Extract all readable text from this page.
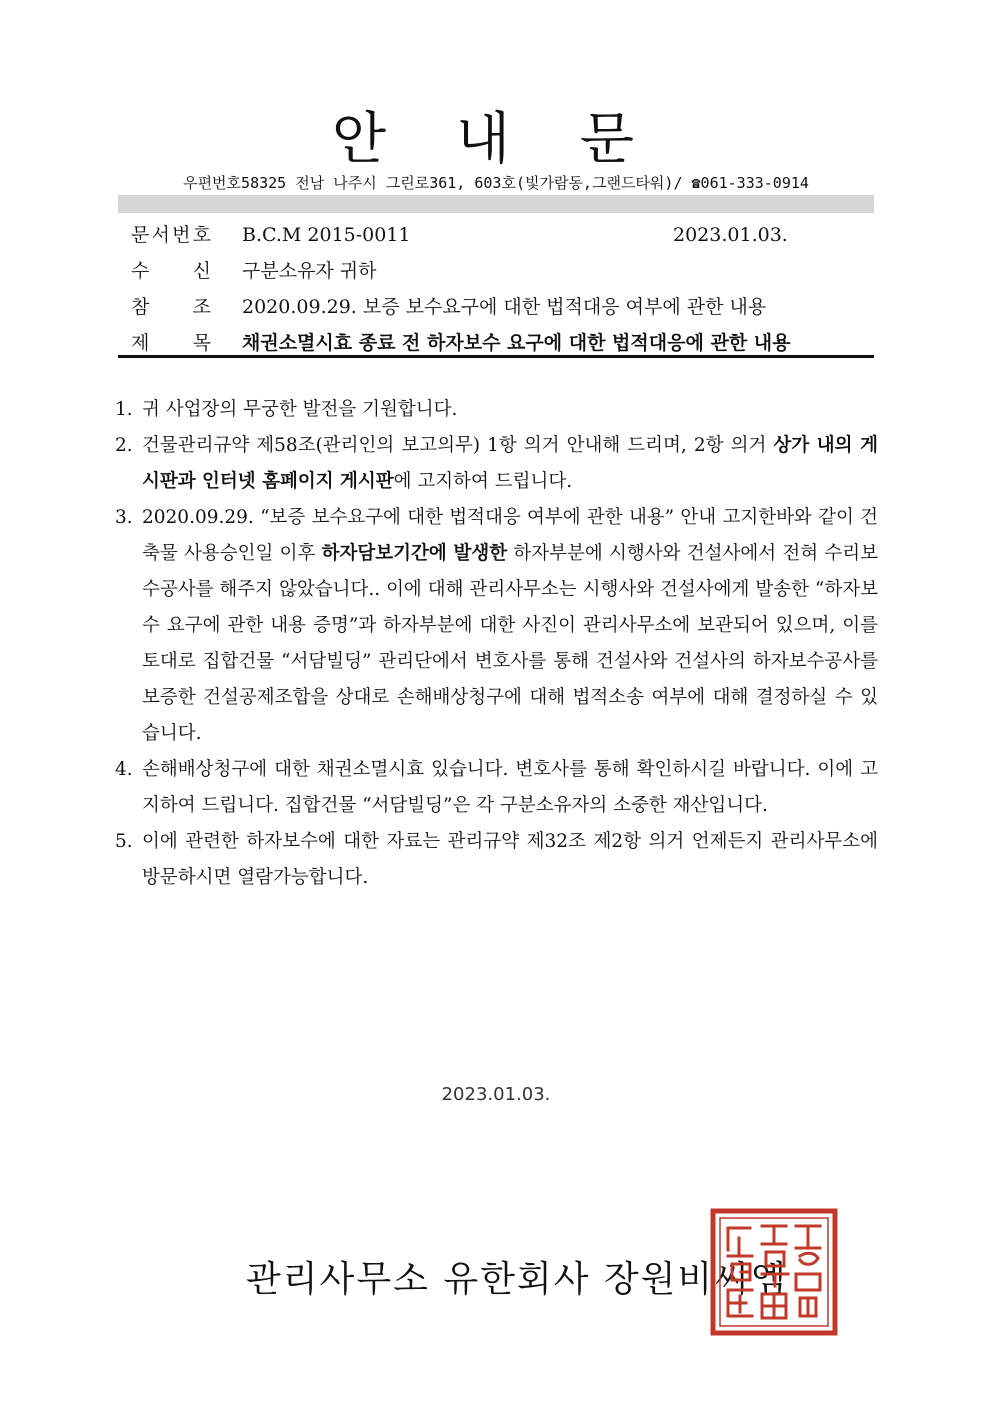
안 내 문
우편번호58325 전남 나주시 그린로361, 603호(빛가람동,그랜드타워)/ ☎061-333-0914
문 서 번 호 B.C.M 2015-0011	2023.01.03.
수 신 구분소유자 귀하
참 조 2020.09.29. 보증 보수요구에 대한 법적대응 여부에 관한 내용
제 목 채권소멸시효 종료 전 하자보수 요구에 대한 법적대응에 관한 내용
1. 귀 사업장의 무궁한 발전을 기원합니다.
2. 건물관리규약 제58조(관리인의 보고의무) 1항 의거 안내해 드리며, 2항 의거 상가 내의 게시판과 인터넷 홈페이지 게시판에 고지하여 드립니다.
3. 2020.09.29. “보증 보수요구에 대한 법적대응 여부에 관한 내용” 안내 고지한바와 같이 건축물 사용승인일 이후 하자담보기간에 발생한 하자부분에 시행사와 건설사에서 전혀 수리보수공사를 해주지 않았습니다.. 이에 대해 관리사무소는 시행사와 건설사에게 발송한 “하자보수 요구에 관한 내용 증명”과 하자부분에 대한 사진이 관리사무소에 보관되어 있으며, 이를 토대로 집합건물 “서담빌딩” 관리단에서 변호사를 통해 건설사와 건설사의 하자보수공사를 보증한 건설공제조합을 상대로 손해배상청구에 대해 법적소송 여부에 대해 결정하실 수 있습니다.
4. 손해배상청구에 대한 채권소멸시효 있습니다. 변호사를 통해 확인하시길 바랍니다. 이에 고지하여 드립니다. 집합건물 “서담빌딩”은 각 구분소유자의 소중한 재산입니다.
5. 이에 관련한 하자보수에 대한 자료는 관리규약 제32조 제2항 의거 언제든지 관리사무소에 방문하시면 열람가능합니다.
2023.01.03.
관리사무소 유한회사 장원비씨엠
